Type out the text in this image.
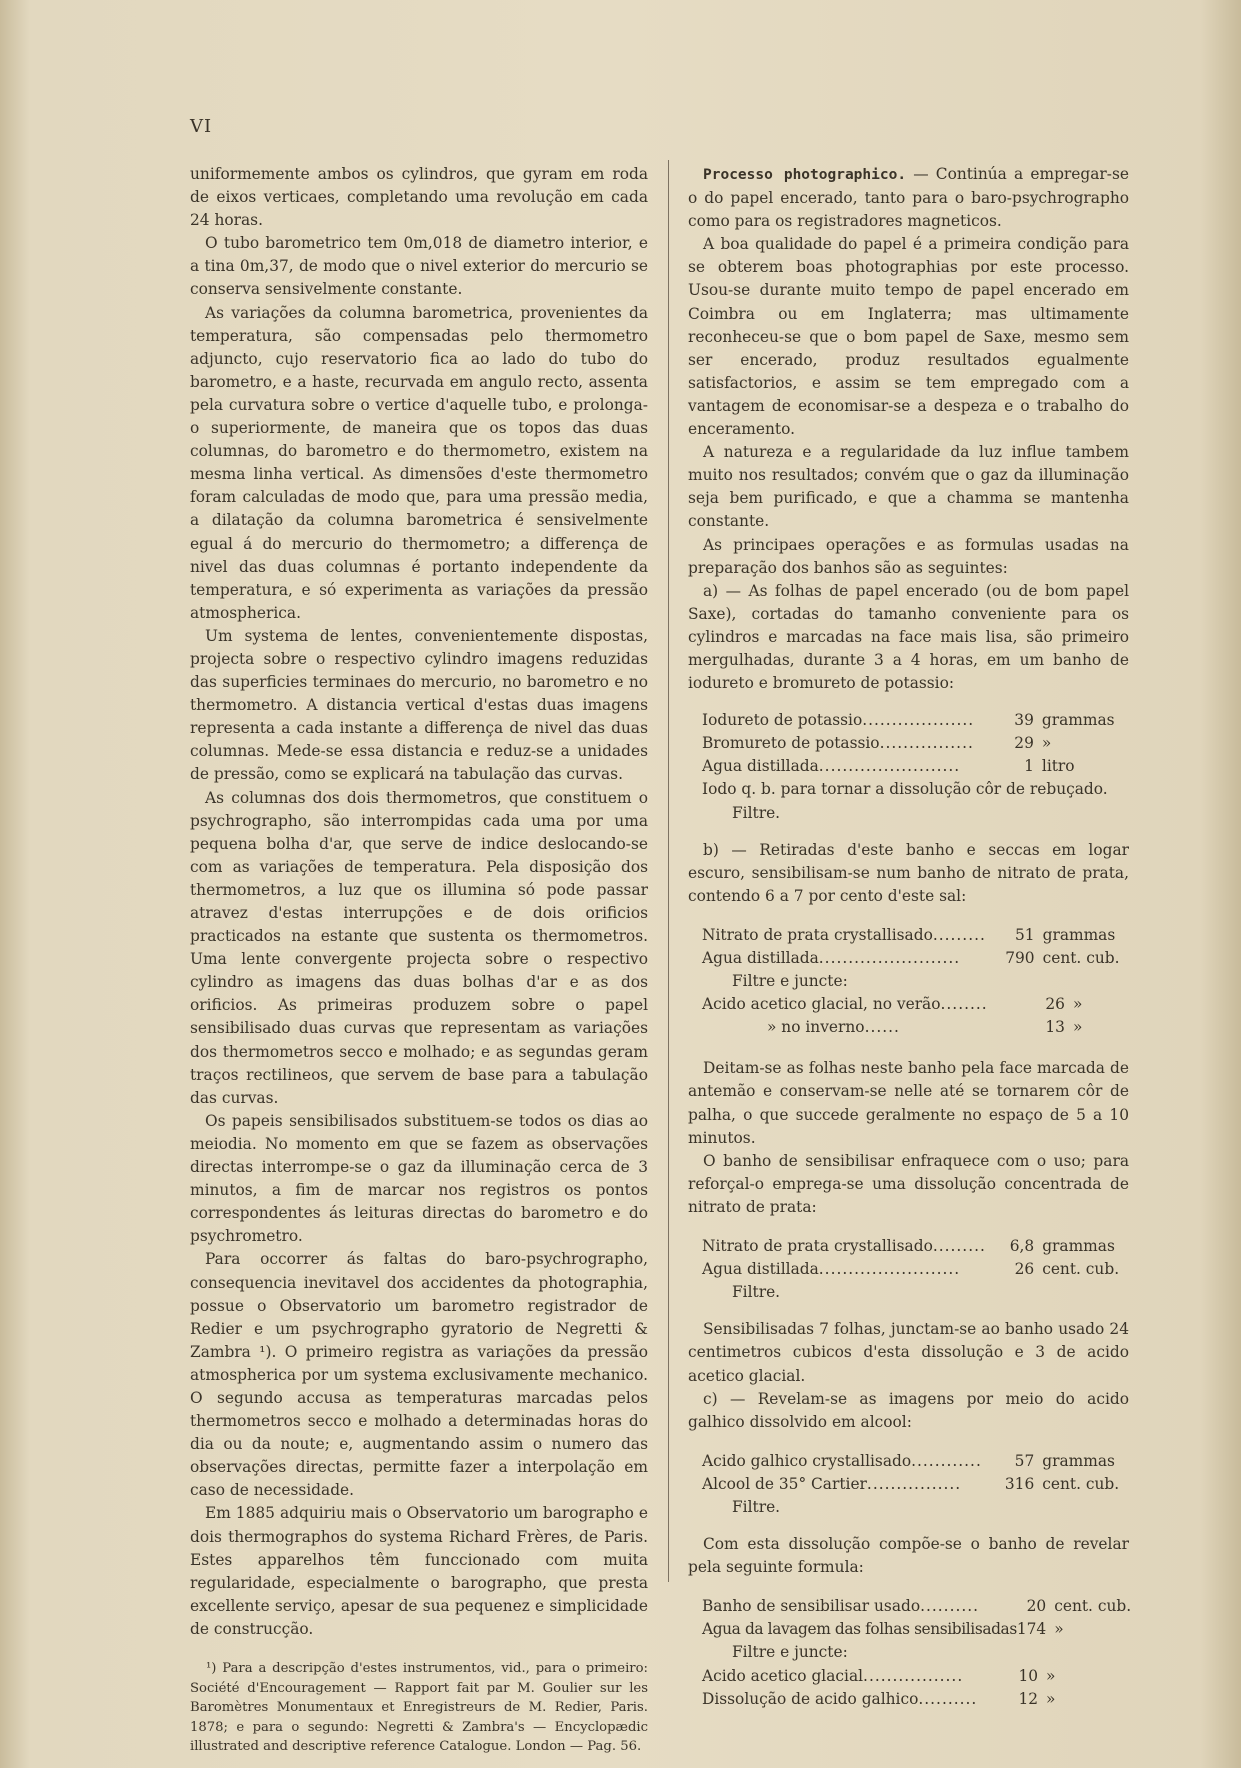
VI

uniformemente ambos os cylindros, que gyram em roda de eixos verticaes, completando uma revolução em cada 24 horas.

O tubo barometrico tem 0m,018 de diametro interior, e a tina 0m,37, de modo que o nivel exterior do mercurio se conserva sensivelmente constante.

As variações da columna barometrica, provenientes da temperatura, são compensadas pelo thermometro adjuncto, cujo reservatorio fica ao lado do tubo do barometro, e a haste, recurvada em angulo recto, assenta pela curvatura sobre o vertice d'aquelle tubo, e prolonga-o superiormente, de maneira que os topos das duas columnas, do barometro e do thermometro, existem na mesma linha vertical. As dimensões d'este thermometro foram calculadas de modo que, para uma pressão media, a dilatação da columna barometrica é sensivelmente egual á do mercurio do thermometro; a differença de nivel das duas columnas é portanto independente da temperatura, e só experimenta as variações da pressão atmospherica.

Um systema de lentes, convenientemente dispostas, projecta sobre o respectivo cylindro imagens reduzidas das superficies terminaes do mercurio, no barometro e no thermometro. A distancia vertical d'estas duas imagens representa a cada instante a differença de nivel das duas columnas. Mede-se essa distancia e reduz-se a unidades de pressão, como se explicará na tabulação das curvas.

As columnas dos dois thermometros, que constituem o psychrographo, são interrompidas cada uma por uma pequena bolha d'ar, que serve de indice deslocando-se com as variações de temperatura. Pela disposição dos thermometros, a luz que os illumina só pode passar atravez d'estas interrupções e de dois orificios practicados na estante que sustenta os thermometros. Uma lente convergente projecta sobre o respectivo cylindro as imagens das duas bolhas d'ar e as dos orificios. As primeiras produzem sobre o papel sensibilisado duas curvas que representam as variações dos thermometros secco e molhado; e as segundas geram traços rectilineos, que servem de base para a tabulação das curvas.

Os papeis sensibilisados substituem-se todos os dias ao meiodia. No momento em que se fazem as observações directas interrompe-se o gaz da illuminação cerca de 3 minutos, a fim de marcar nos registros os pontos correspondentes ás leituras directas do barometro e do psychrometro.

Para occorrer ás faltas do baro-psychrographo, consequencia inevitavel dos accidentes da photographia, possue o Observatorio um barometro registrador de Redier e um psychrographo gyratorio de Negretti & Zambra ¹). O primeiro registra as variações da pressão atmospherica por um systema exclusivamente mechanico. O segundo accusa as temperaturas marcadas pelos thermometros secco e molhado a determinadas horas do dia ou da noute; e, augmentando assim o numero das observações directas, permitte fazer a interpolação em caso de necessidade.

Em 1885 adquiriu mais o Observatorio um barographo e dois thermographos do systema Richard Frères, de Paris. Estes apparelhos têm funccionado com muita regularidade, especialmente o barographo, que presta excellente serviço, apesar de sua pequenez e simplicidade de construcção.

¹) Para a descripção d'estes instrumentos, vid., para o primeiro: Société d'Encouragement — Rapport fait par M. Goulier sur les Baromètres Monumentaux et Enregistreurs de M. Redier, Paris. 1878; e para o segundo: Negretti & Zambra's — Encyclopædic illustrated and descriptive reference Catalogue. London — Pag. 56.

Processo photographico. — Continúa a empregar-se o do papel encerado, tanto para o baro-psychrographo como para os registradores magneticos.

A boa qualidade do papel é a primeira condição para se obterem boas photographias por este processo. Usou-se durante muito tempo de papel encerado em Coimbra ou em Inglaterra; mas ultimamente reconheceu-se que o bom papel de Saxe, mesmo sem ser encerado, produz resultados egualmente satisfactorios, e assim se tem empregado com a vantagem de economisar-se a despeza e o trabalho do enceramento.

A natureza e a regularidade da luz influe tambem muito nos resultados; convém que o gaz da illuminação seja bem purificado, e que a chamma se mantenha constante.

As principaes operações e as formulas usadas na preparação dos banhos são as seguintes:

a) — As folhas de papel encerado (ou de bom papel Saxe), cortadas do tamanho conveniente para os cylindros e marcadas na face mais lisa, são primeiro mergulhadas, durante 3 a 4 horas, em um banho de iodureto e bromureto de potassio:

Iodureto de potassio...................	39	grammas
Bromureto de potassio................	29	»
Agua distillada........................	1	litro
Iodo q. b. para tornar a dissolução côr de rebuçado.
Filtre.

b) — Retiradas d'este banho e seccas em logar escuro, sensibilisam-se num banho de nitrato de prata, contendo 6 a 7 por cento d'este sal:

Nitrato de prata crystallisado.........	51	grammas
Agua distillada........................	790	cent. cub.
Filtre e juncte:
Acido acetico glacial, no verão........	26	»
» no inverno......	13	»

Deitam-se as folhas neste banho pela face marcada de antemão e conservam-se nelle até se tornarem côr de palha, o que succede geralmente no espaço de 5 a 10 minutos.

O banho de sensibilisar enfraquece com o uso; para reforçal-o emprega-se uma dissolução concentrada de nitrato de prata:

Nitrato de prata crystallisado.........	6,8	grammas
Agua distillada........................	26	cent. cub.
Filtre.

Sensibilisadas 7 folhas, junctam-se ao banho usado 24 centimetros cubicos d'esta dissolução e 3 de acido acetico glacial.

c) — Revelam-se as imagens por meio do acido galhico dissolvido em alcool:

Acido galhico crystallisado............	57	grammas
Alcool de 35° Cartier................	316	cent. cub.
Filtre.

Com esta dissolução compõe-se o banho de revelar pela seguinte formula:

Banho de sensibilisar usado..........	20	cent. cub.
Agua da lavagem das folhas sensibilisadas	174	»
Filtre e juncte:
Acido acetico glacial.................	10	»
Dissolução de acido galhico..........	12	»
